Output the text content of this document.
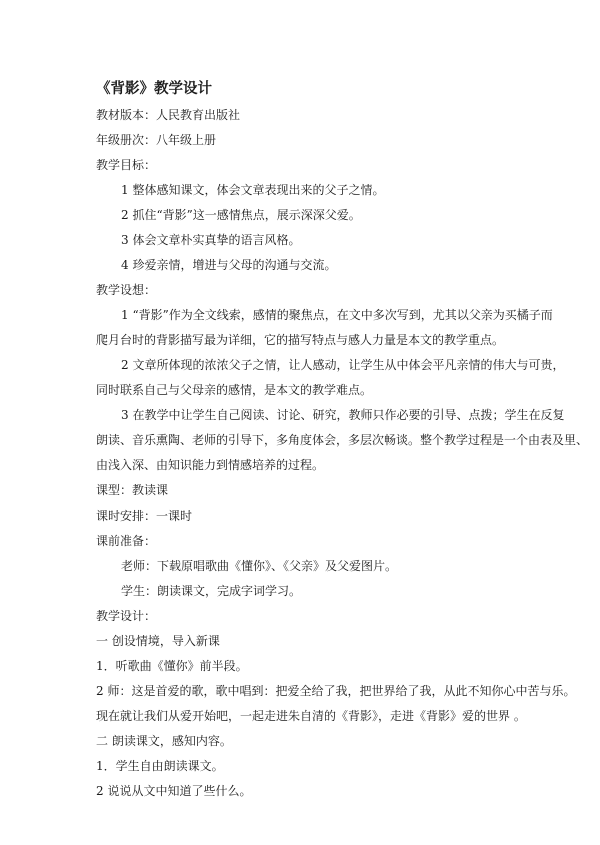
《背影》教学设计
教材版本：人民教育出版社
年级册次：八年级上册
教学目标：
1 整体感知课文，体会文章表现出来的父子之情。
2 抓住“背影”这一感情焦点，展示深深父爱。
3 体会文章朴实真挚的语言风格。
4 珍爱亲情，增进与父母的沟通与交流。
教学设想：
1 “背影”作为全文线索，感情的聚焦点，在文中多次写到，尤其以父亲为买橘子而
爬月台时的背影描写最为详细，它的描写特点与感人力量是本文的教学重点。
2 文章所体现的浓浓父子之情，让人感动，让学生从中体会平凡亲情的伟大与可贵，
同时联系自己与父母亲的感情，是本文的教学难点。
3 在教学中让学生自己阅读、讨论、研究，教师只作必要的引导、点拨；学生在反复
朗读、音乐熏陶、老师的引导下，多角度体会，多层次畅谈。整个教学过程是一个由表及里、
由浅入深、由知识能力到情感培养的过程。
课型：教读课
课时安排：一课时
课前准备：
老师：下载原唱歌曲《懂你》、《父亲》及父爱图片。
学生：朗读课文，完成字词学习。
教学设计：
一 创设情境，导入新课
1．听歌曲《懂你》前半段。
2 师：这是首爱的歌，歌中唱到：把爱全给了我，把世界给了我，从此不知你心中苦与乐。
现在就让我们从爱开始吧，一起走进朱自清的《背影》，走进《背影》爱的世界 。
二 朗读课文，感知内容。
1．学生自由朗读课文。
2 说说从文中知道了些什么。
